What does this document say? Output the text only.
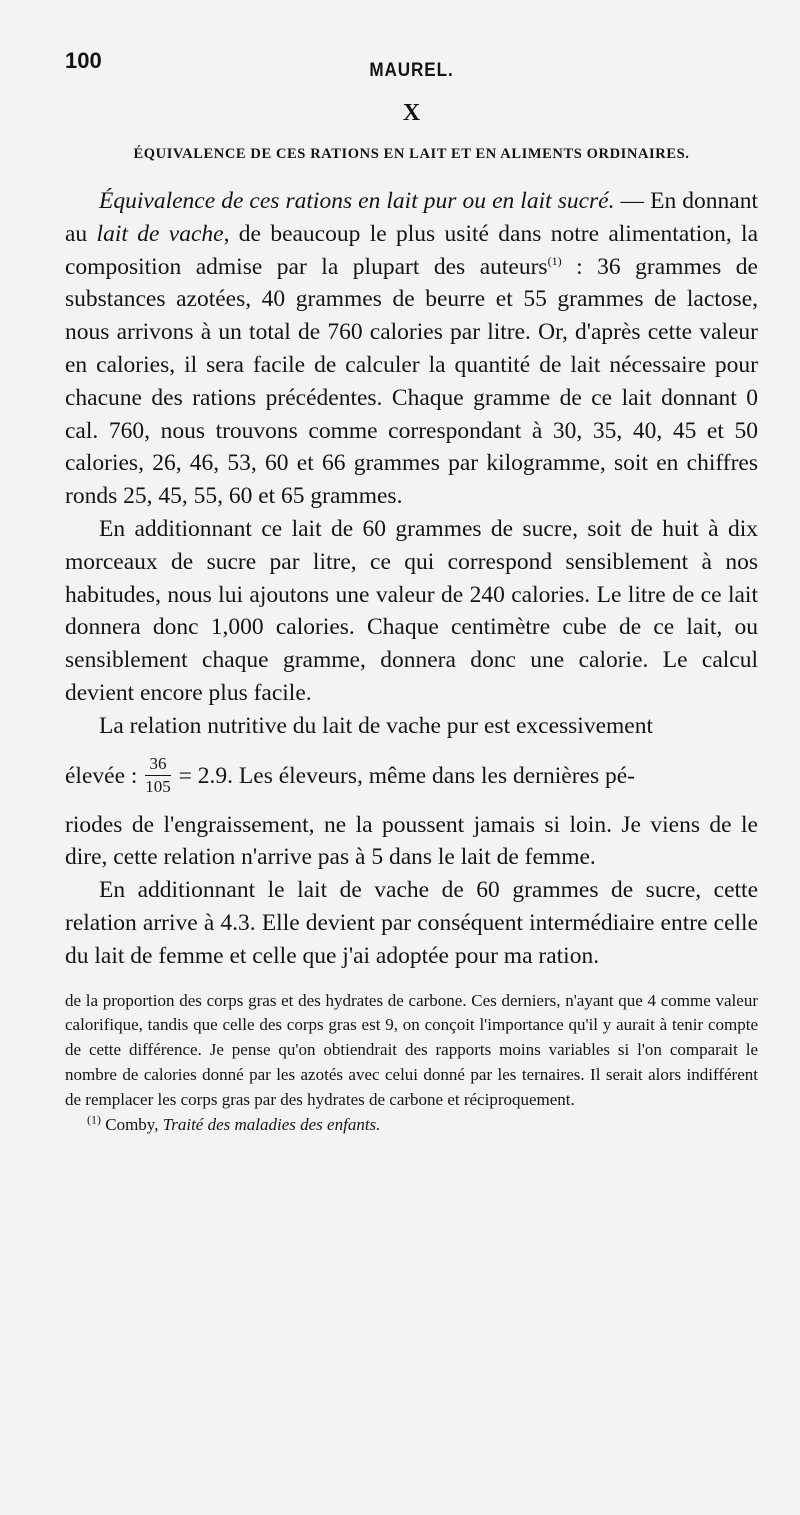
100	MAUREL.
X
ÉQUIVALENCE DE CES RATIONS EN LAIT ET EN ALIMENTS ORDINAIRES.

Équivalence de ces rations en lait pur ou en lait sucré. — En donnant au lait de vache, de beaucoup le plus usité dans notre alimentation, la composition admise par la plupart des auteurs$^{(1)}$ : 36 grammes de substances azotées, 40 grammes de beurre et 55 grammes de lactose, nous arrivons à un total de 760 calories par litre. Or, d'après cette valeur en calories, il sera facile de calculer la quantité de lait nécessaire pour chacune des rations précédentes. Chaque gramme de ce lait donnant 0 cal. 760, nous trouvons comme correspondant à 30, 35, 40, 45 et 50 calories, 26, 46, 53, 60 et 66 grammes par kilogramme, soit en chiffres ronds 25, 45, 55, 60 et 65 grammes.

En additionnant ce lait de 60 grammes de sucre, soit de huit à dix morceaux de sucre par litre, ce qui correspond sensiblement à nos habitudes, nous lui ajoutons une valeur de 240 calories. Le litre de ce lait donnera donc 1,000 calories. Chaque centimètre cube de ce lait, ou sensiblement chaque gramme, donnera donc une calorie. Le calcul devient encore plus facile.

La relation nutritive du lait de vache pur est excessivement

élevée : $\frac{36}{105} = 2.9$. Les éleveurs, même dans les dernières pé-

riodes de l'engraissement, ne la poussent jamais si loin. Je viens de le dire, cette relation n'arrive pas à 5 dans le lait de femme.

En additionnant le lait de vache de 60 grammes de sucre, cette relation arrive à 4.3. Elle devient par conséquent intermédiaire entre celle du lait de femme et celle que j'ai adoptée pour ma ration.

de la proportion des corps gras et des hydrates de carbone. Ces derniers, n'ayant que 4 comme valeur calorifique, tandis que celle des corps gras est 9, on conçoit l'importance qu'il y aurait à tenir compte de cette différence. Je pense qu'on obtiendrait des rapports moins variables si l'on comparait le nombre de calories donné par les azotés avec celui donné par les ternaires. Il serait alors indifférent de remplacer les corps gras par des hydrates de carbone et réciproquement.

$^{(1)}$ Comby, Traité des maladies des enfants.
